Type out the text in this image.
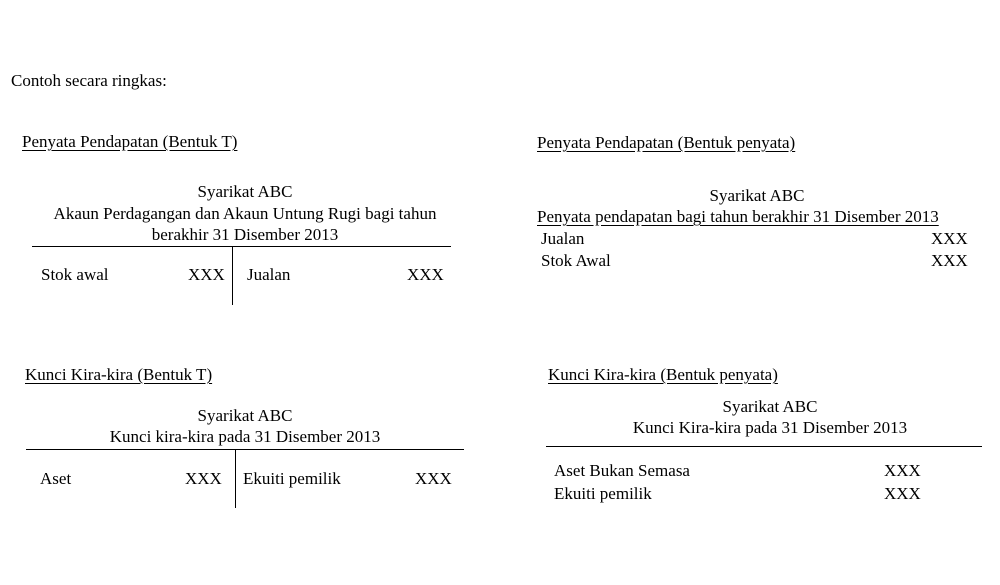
Contoh secara ringkas:
Penyata Pendapatan (Bentuk T)
Syarikat ABC
Akaun Perdagangan dan Akaun Untung Rugi bagi tahun
berakhir 31 Disember 2013
Stok awal	XXX Jualan	XXX
Penyata Pendapatan (Bentuk penyata)
Syarikat ABC
Penyata pendapatan bagi tahun berakhir 31 Disember 2013
Jualan	XXX
Stok Awal	XXX
Kunci Kira-kira (Bentuk T)
Syarikat ABC
Kunci kira-kira pada 31 Disember 2013
Aset	XXX Ekuiti pemilik	XXX
Kunci Kira-kira (Bentuk penyata)
Syarikat ABC
Kunci Kira-kira pada 31 Disember 2013
Aset Bukan Semasa	XXX
Ekuiti pemilik	XXX
